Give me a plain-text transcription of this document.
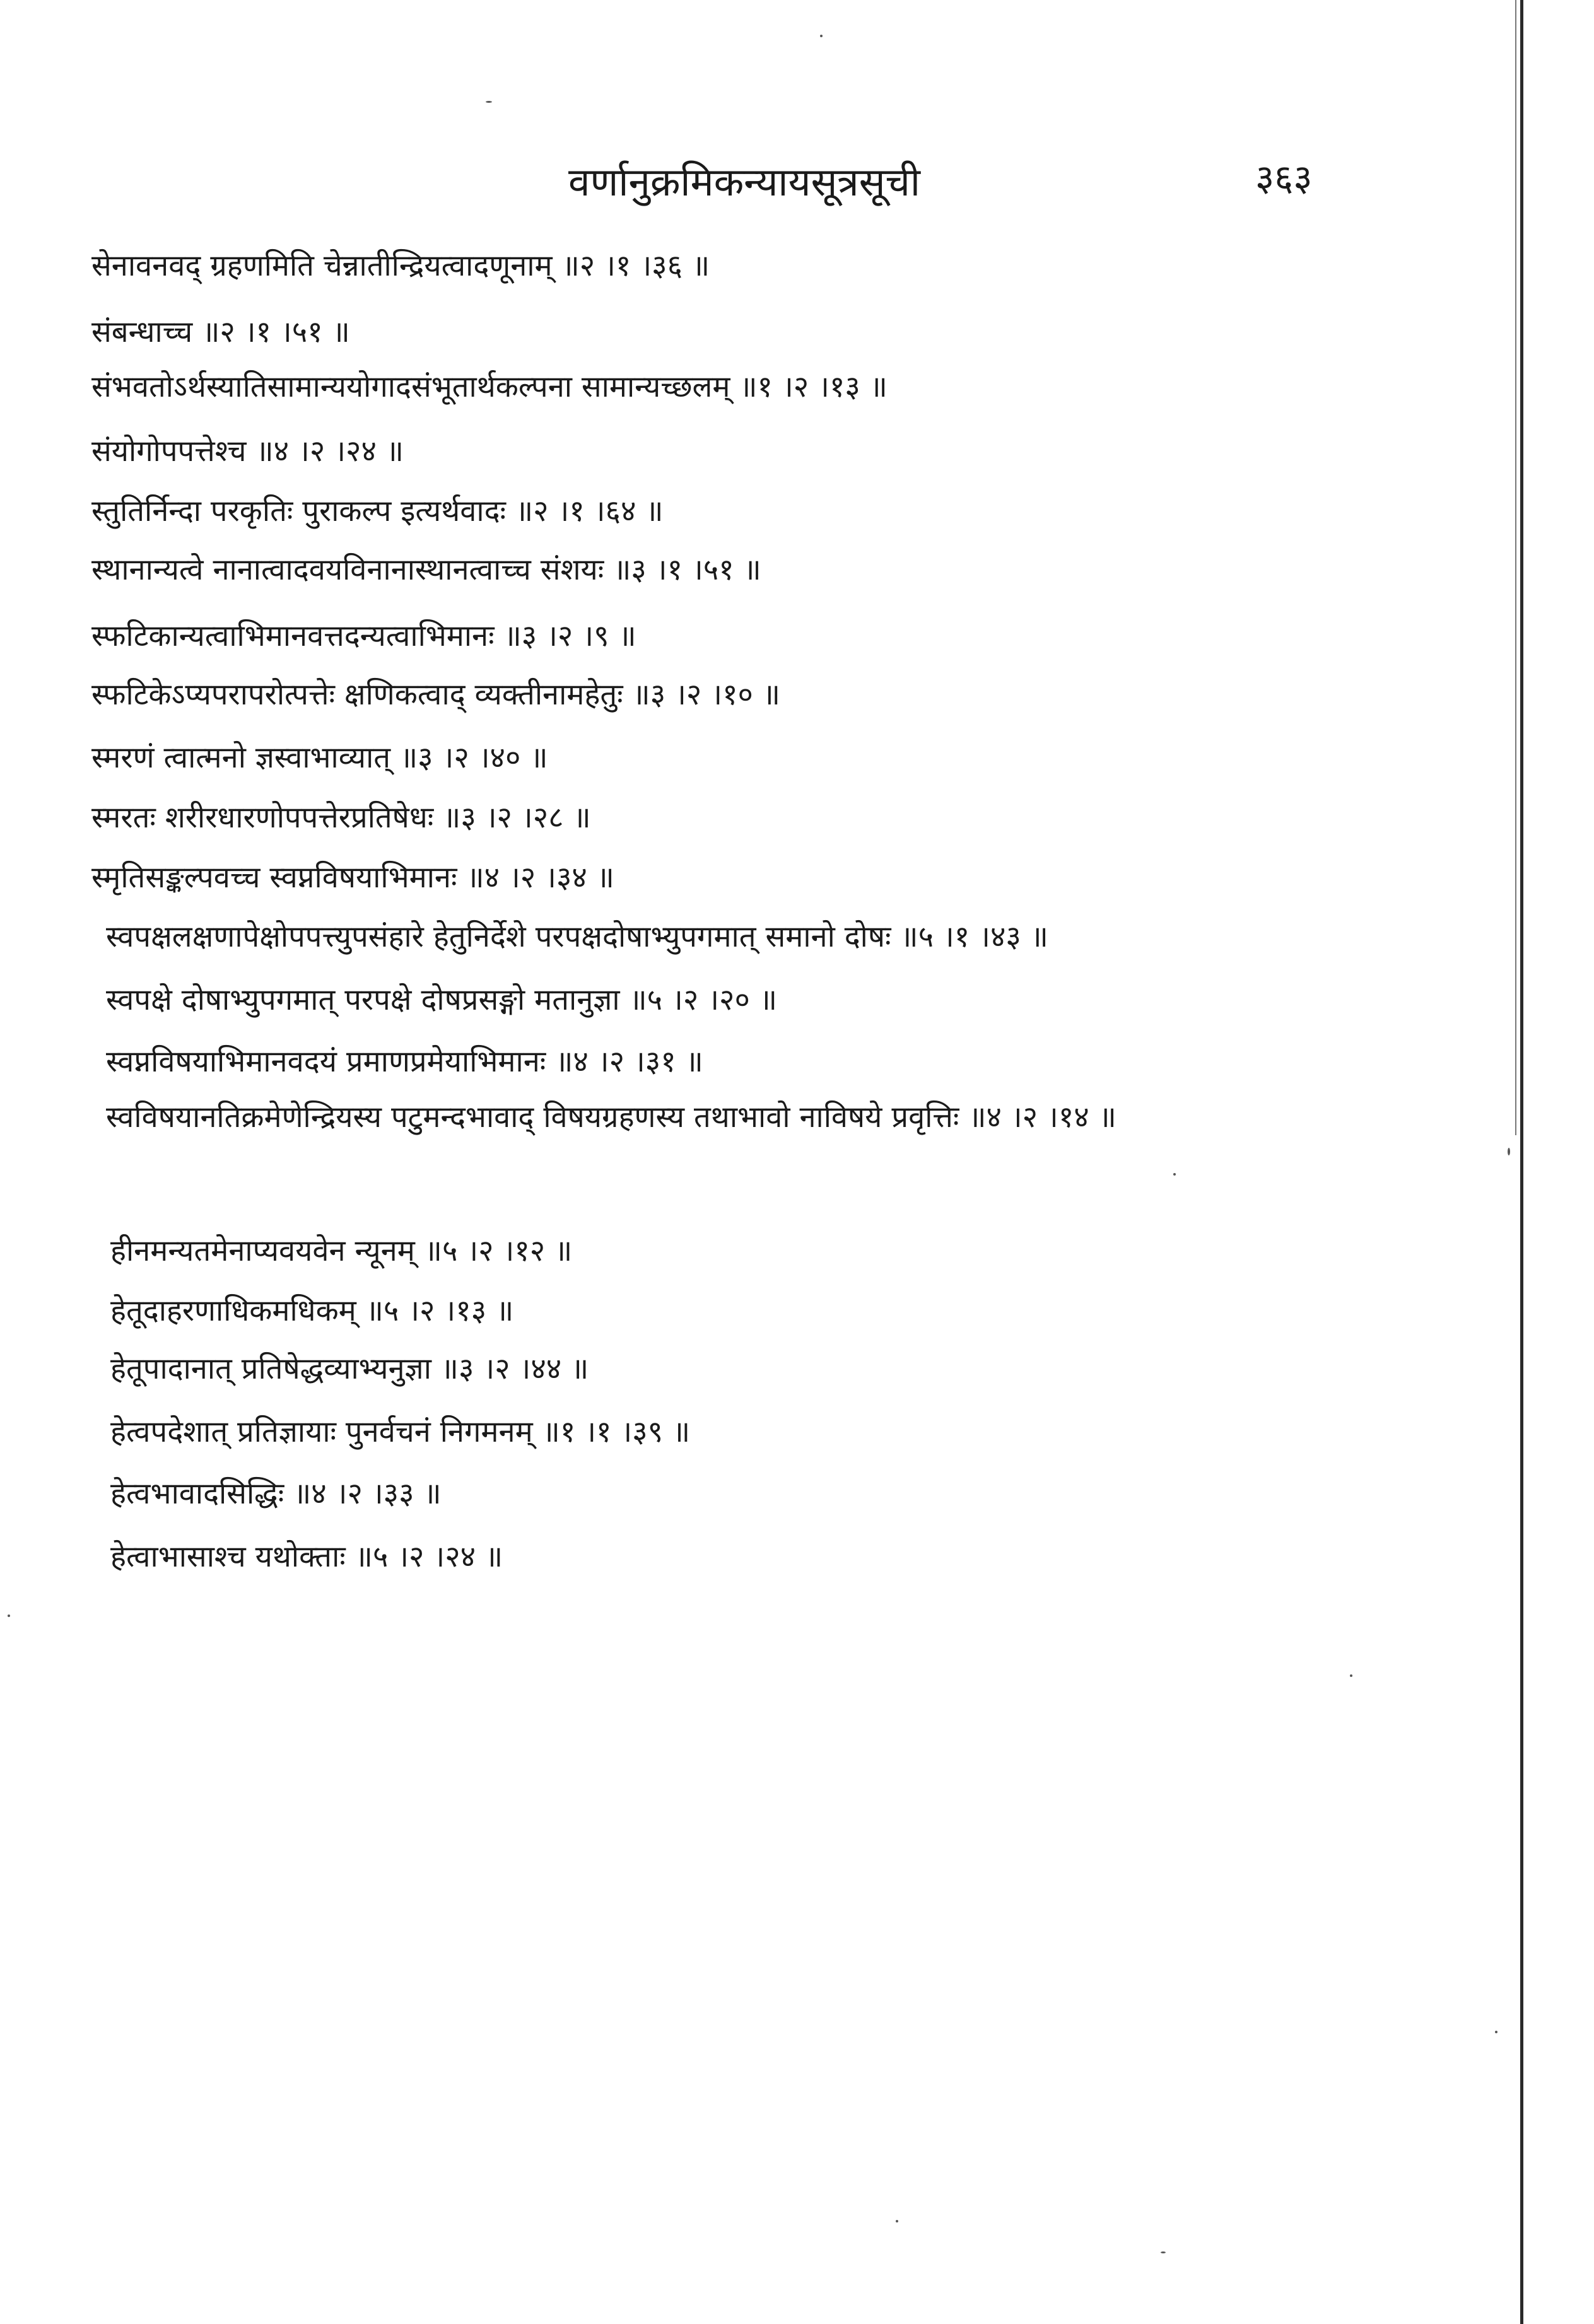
वर्णानुक्रमिकन्यायसूत्रसूची	३६३
सेनावनवद् ग्रहणमिति चेन्नातीन्द्रियत्वादणूनाम् ॥२ ।१ ।३६ ॥
संबन्धाच्च ॥२ ।१ ।५१ ॥
संभवतोऽर्थस्यातिसामान्ययोगादसंभूतार्थकल्पना सामान्यच्छलम् ॥१ ।२ ।१३ ॥
संयोगोपपत्तेश्च ॥४ ।२ ।२४ ॥
स्तुतिर्निन्दा परकृतिः पुराकल्प इत्यर्थवादः ॥२ ।१ ।६४ ॥
स्थानान्यत्वे नानात्वादवयविनानास्थानत्वाच्च संशयः ॥३ ।१ ।५१ ॥
स्फटिकान्यत्वाभिमानवत्तदन्यत्वाभिमानः ॥३ ।२ ।९ ॥
स्फटिकेऽप्यपरापरोत्पत्तेः क्षणिकत्वाद् व्यक्तीनामहेतुः ॥३ ।२ ।१० ॥
स्मरणं त्वात्मनो ज्ञस्वाभाव्यात् ॥३ ।२ ।४० ॥
स्मरतः शरीरधारणोपपत्तेरप्रतिषेधः ॥३ ।२ ।२८ ॥
स्मृतिसङ्कल्पवच्च स्वप्नविषयाभिमानः ॥४ ।२ ।३४ ॥
स्वपक्षलक्षणापेक्षोपपत्त्युपसंहारे हेतुनिर्देशे परपक्षदोषाभ्युपगमात् समानो दोषः ॥५ ।१ ।४३ ॥
स्वपक्षे दोषाभ्युपगमात् परपक्षे दोषप्रसङ्गो मतानुज्ञा ॥५ ।२ ।२० ॥
स्वप्नविषयाभिमानवदयं प्रमाणप्रमेयाभिमानः ॥४ ।२ ।३१ ॥
स्वविषयानतिक्रमेणेन्द्रियस्य पटुमन्दभावाद् विषयग्रहणस्य तथाभावो नाविषये प्रवृत्तिः ॥४ ।२ ।१४ ॥
हीनमन्यतमेनाप्यवयवेन न्यूनम् ॥५ ।२ ।१२ ॥
हेतूदाहरणाधिकमधिकम् ॥५ ।२ ।१३ ॥
हेतूपादानात् प्रतिषेद्धव्याभ्यनुज्ञा ॥३ ।२ ।४४ ॥
हेत्वपदेशात् प्रतिज्ञायाः पुनर्वचनं निगमनम् ॥१ ।१ ।३९ ॥
हेत्वभावादसिद्धिः ॥४ ।२ ।३३ ॥
हेत्वाभासाश्च यथोक्ताः ॥५ ।२ ।२४ ॥
